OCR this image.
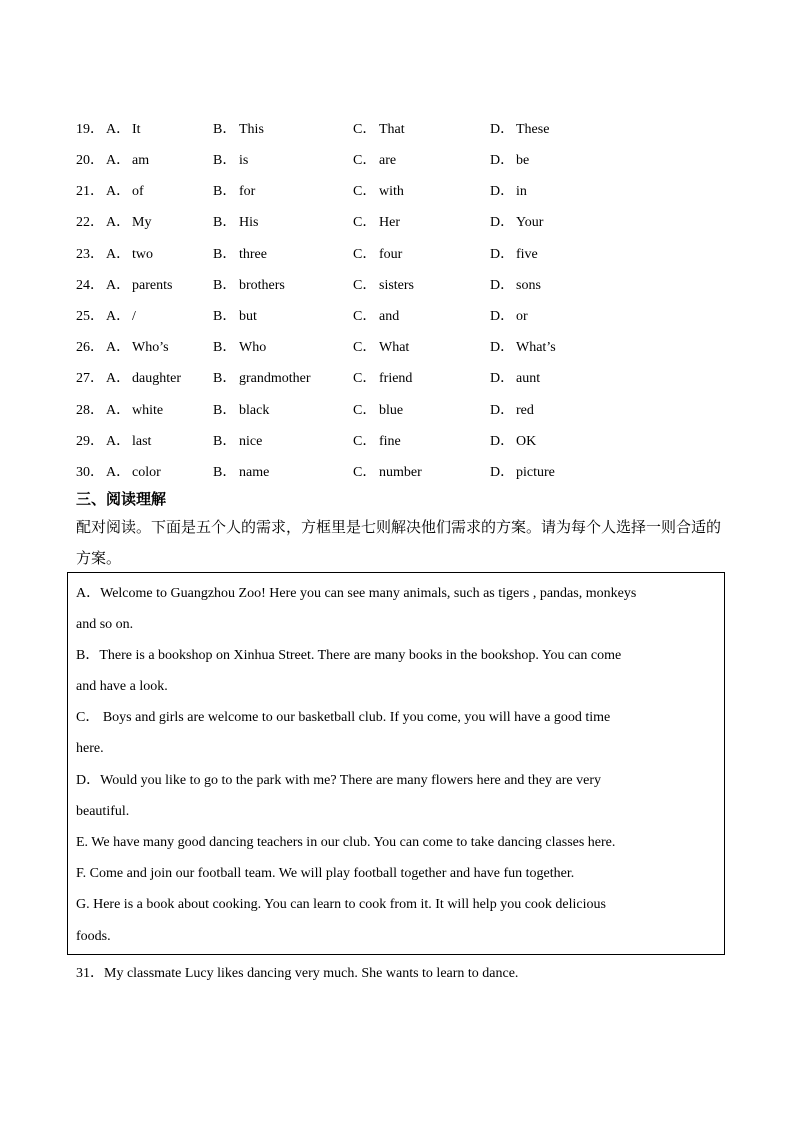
19． A． It	B． This	C． That	D． These
20． A． am	B． is	C． are	D． be
21． A． of	B． for	C． with	D． in
22． A． My	B． His	C． Her	D． Your
23． A． two	B． three	C． four	D． five
24． A． parents	B． brothers	C． sisters	D． sons
25． A． /	B． but	C． and	D． or
26． A． Who’s	B． Who	C． What	D． What’s
27． A． daughter B． grandmother	C． friend	D． aunt
28． A． white	B． black	C． blue	D． red
29． A． last	B． nice	C． fine	D． OK
30． A． color	B． name	C． number	D． picture
三、阅读理解
配对阅读。下面是五个人的需求，方框里是七则解决他们需求的方案。请为每个人选择一则合适的方案。
A．Welcome to Guangzhou Zoo! Here you can see many animals, such as tigers , pandas, monkeys
and so on.
B．There is a bookshop on Xinhua Street. There are many books in the bookshop. You can come
and have a look.
C． Boys and girls are welcome to our basketball club. If you come, you will have a good time
here.
D．Would you like to go to the park with me? There are many flowers here and they are very
beautiful.
E. We have many good dancing teachers in our club. You can come to take dancing classes here.
F. Come and join our football team. We will play football together and have fun together.
G. Here is a book about cooking. You can learn to cook from it. It will help you cook delicious
foods.
31．My classmate Lucy likes dancing very much. She wants to learn to dance.
